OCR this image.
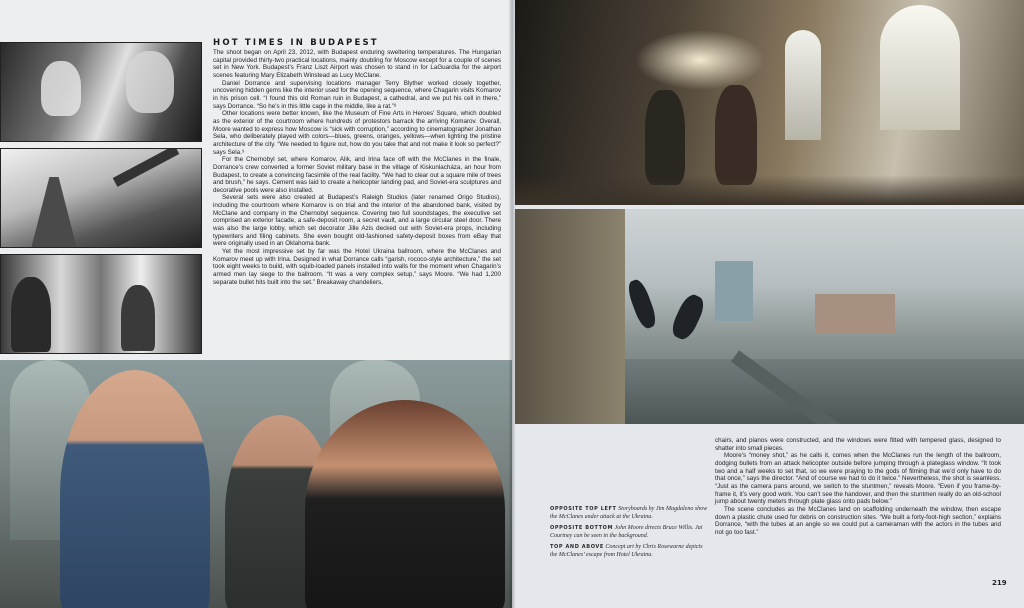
HOT TIMES IN BUDAPEST

The shoot began on April 23, 2012, with Budapest enduring sweltering temperatures. The Hungarian capital provided thirty-two practical locations, mainly doubling for Moscow except for a couple of scenes set in New York. Budapest’s Franz Liszt Airport was chosen to stand in for LaGuardia for the airport scenes featuring Mary Elizabeth Winstead as Lucy McClane.

Daniel Dorrance and supervising locations manager Terry Blyther worked closely together, uncovering hidden gems like the interior used for the opening sequence, where Chagarin visits Komarov in his prison cell. “I found this old Roman ruin in Budapest, a cathedral, and we put his cell in there,” says Dorrance. “So he’s in this little cage in the middle, like a rat.”⁸

Other locations were better known, like the Museum of Fine Arts in Heroes’ Square, which doubled as the exterior of the courtroom where hundreds of protestors barrack the arriving Komarov. Overall, Moore wanted to express how Moscow is “sick with corruption,” according to cinematographer Jonathan Sela, who deliberately played with colors—blues, greens, oranges, yellows—when lighting the pristine architecture of the city. “We needed to figure out, how do you take that and not make it look so perfect?” says Sela.⁹

For the Chernobyl set, where Komarov, Alik, and Irina face off with the McClanes in the finale, Dorrance’s crew converted a former Soviet military base in the village of Kiskunlacháza, an hour from Budapest, to create a convincing facsimile of the real facility. “We had to clear out a square mile of trees and brush,” he says. Cement was laid to create a helicopter landing pad, and Soviet-era sculptures and decorative pools were also installed.

Several sets were also created at Budapest’s Raleigh Studios (later renamed Origo Studios), including the courtroom where Komarov is on trial and the interior of the abandoned bank, visited by McClane and company in the Chernobyl sequence. Covering two full soundstages, the executive set comprised an exterior facade, a safe-deposit room, a secret vault, and a large circular steel door. There was also the large lobby, which set decorator Jille Azis decked out with Soviet-era props, including typewriters and filing cabinets. She even bought old-fashioned safety-deposit boxes from eBay that were originally used in an Oklahoma bank.

Yet the most impressive set by far was the Hotel Ukraina ballroom, where the McClanes and Komarov meet up with Irina. Designed in what Dorrance calls “garish, rococo-style architecture,” the set took eight weeks to build, with squib-loaded panels installed into walls for the moment when Chagarin’s armed men lay siege to the ballroom. “It was a very complex setup,” says Moore. “We had 1,200 separate bullet hits built into the set.” Breakaway chandeliers,

OPPOSITE TOP LEFT Storyboards by Jim Magdaleno show the McClanes under attack at the Ukraina.

OPPOSITE BOTTOM John Moore directs Bruce Willis. Jai Courtney can be seen in the background.

TOP AND ABOVE Concept art by Chris Rosewarne depicts the McClanes’ escape from Hotel Ukraina.

chairs, and pianos were constructed, and the windows were fitted with tempered glass, designed to shatter into small pieces.

Moore’s “money shot,” as he calls it, comes when the McClanes run the length of the ballroom, dodging bullets from an attack helicopter outside before jumping through a plateglass window. “It took two and a half weeks to set that, so we were praying to the gods of filming that we’d only have to do that once,” says the director. “And of course we had to do it twice.” Nevertheless, the shot is seamless. “Just as the camera pans around, we switch to the stuntmen,” reveals Moore. “Even if you frame-by-frame it, it’s very good work. You can’t see the handover, and then the stuntmen really do an old-school jump about twenty meters through plate glass onto pads below.”

The scene concludes as the McClanes land on scaffolding underneath the window, then escape down a plastic chute used for debris on construction sites. “We built a forty-foot-high section,” explains Dorrance, “with the tubes at an angle so we could put a cameraman with the actors in the tubes and not go too fast.”

219
